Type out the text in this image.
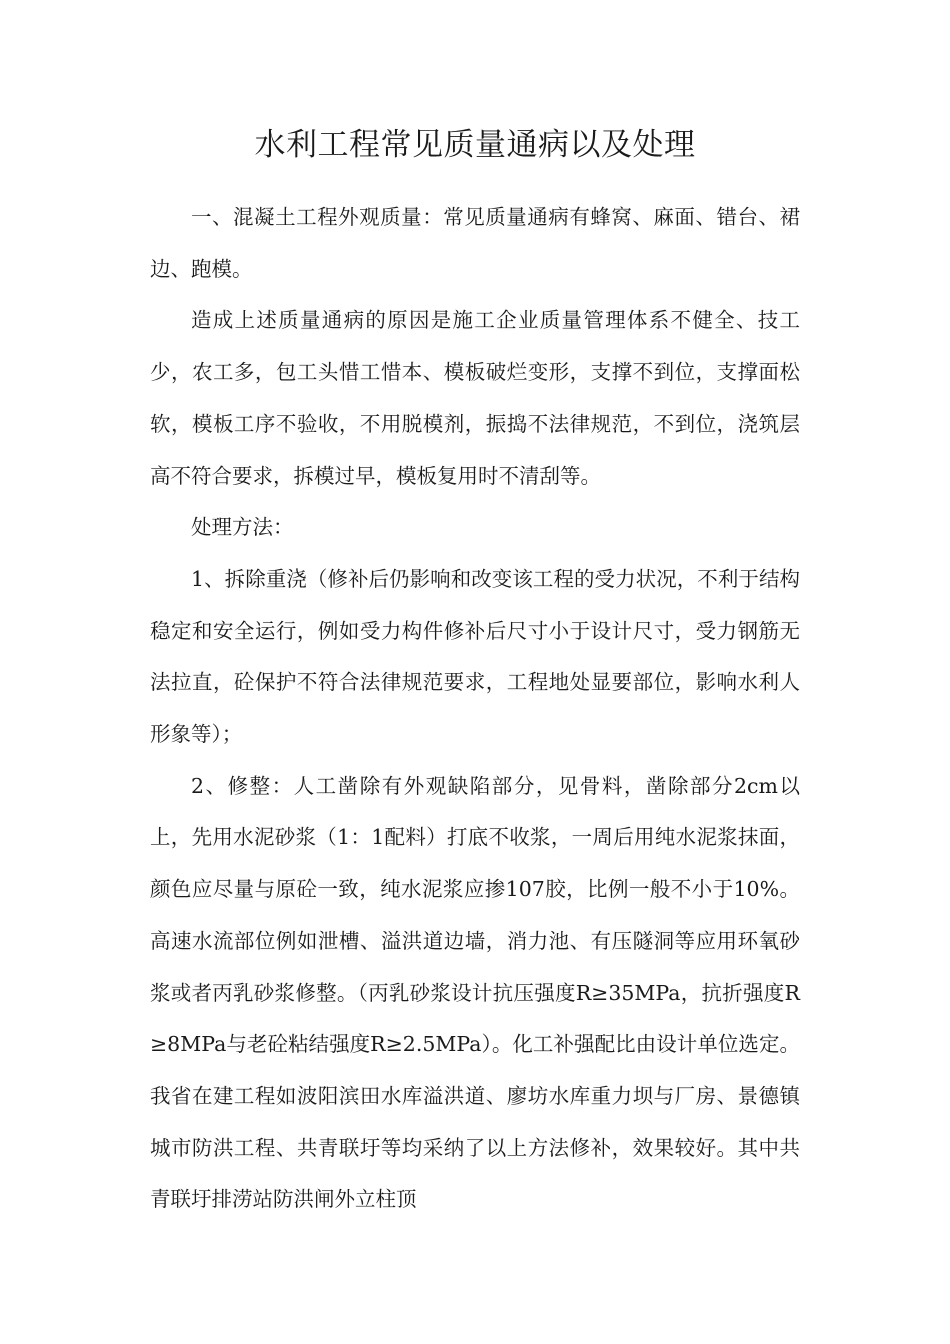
水利工程常见质量通病以及处理

一、混凝土工程外观质量：常见质量通病有蜂窝、麻面、错台、裙边、跑模。

造成上述质量通病的原因是施工企业质量管理体系不健全、技工少，农工多，包工头惜工惜本、模板破烂变形，支撑不到位，支撑面松软，模板工序不验收，不用脱模剂，振捣不法律规范，不到位，浇筑层高不符合要求，拆模过早，模板复用时不清刮等。

处理方法：

1、拆除重浇（修补后仍影响和改变该工程的受力状况，不利于结构稳定和安全运行，例如受力构件修补后尺寸小于设计尺寸，受力钢筋无法拉直，砼保护不符合法律规范要求，工程地处显要部位，影响水利人形象等）；

2、修整：人工凿除有外观缺陷部分，见骨料，凿除部分2cm以上，先用水泥砂浆（1：1配料）打底不收浆，一周后用纯水泥浆抹面，颜色应尽量与原砼一致，纯水泥浆应掺107胶，比例一般不小于10%。高速水流部位例如泄槽、溢洪道边墙，消力池、有压隧洞等应用环氧砂浆或者丙乳砂浆修整。（丙乳砂浆设计抗压强度R≥35MPa，抗折强度R≥8MPa与老砼粘结强度R≥2.5MPa）。化工补强配比由设计单位选定。我省在建工程如波阳滨田水库溢洪道、廖坊水库重力坝与厂房、景德镇城市防洪工程、共青联圩等均采纳了以上方法修补，效果较好。其中共青联圩排涝站防洪闸外立柱顶
